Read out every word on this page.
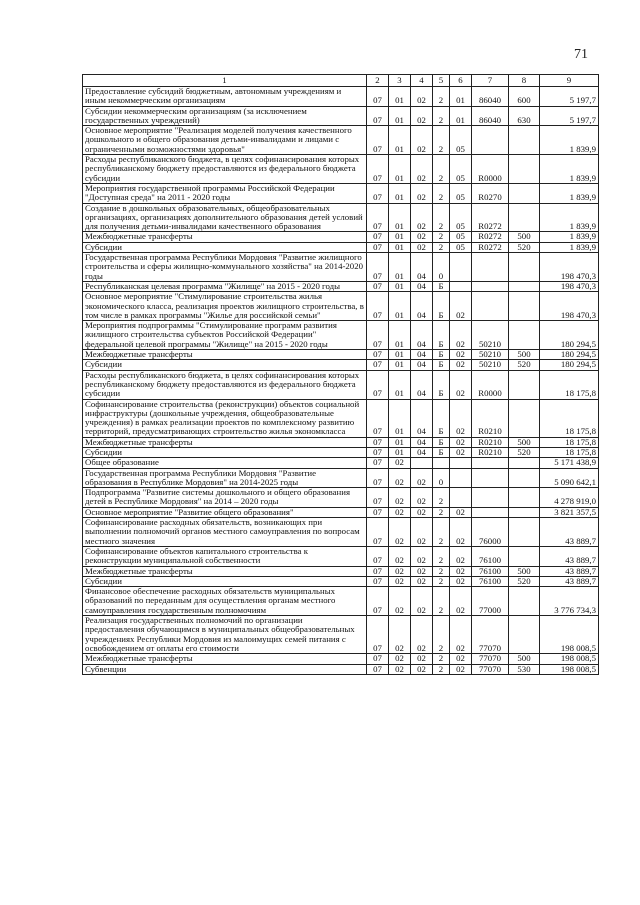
71
1	2	3	4	5	6	7	8	9
Предоставление субсидий бюджетным, автономным учреждениям и иным некоммерческим организациям	07	01	02	2	01	86040	600	5 197,7
Субсидии некоммерческим организациям (за исключением государственных учреждений)	07	01	02	2	01	86040	630	5 197,7
Основное мероприятие "Реализация моделей получения качественного дошкольного и общего образования детьми-инвалидами и лицами с ограниченными возможностями здоровья"	07	01	02	2	05			1 839,9
Расходы республиканского бюджета, в целях софинансирования которых республиканскому бюджету предоставляются из федерального бюджета субсидии	07	01	02	2	05	R0000		1 839,9
Мероприятия государственной программы Российской Федерации "Доступная среда" на 2011 - 2020 годы	07	01	02	2	05	R0270		1 839,9
Создание в дошкольных образовательных, общеобразовательных организациях, организациях дополнительного образования детей условий для получения детьми-инвалидами качественного образования	07	01	02	2	05	R0272		1 839,9
Межбюджетные трансферты	07	01	02	2	05	R0272	500	1 839,9
Субсидии	07	01	02	2	05	R0272	520	1 839,9
Государственная программа Республики Мордовия "Развитие жилищного строительства и сферы жилищно-коммунального хозяйства" на 2014-2020 годы	07	01	04	0				198 470,3
Республиканская целевая программа "Жилище" на 2015 - 2020 годы	07	01	04	Б				198 470,3
Основное мероприятие "Стимулирование строительства жилья экономического класса, реализация проектов жилищного строительства, в том числе в рамках программы "Жилье для российской семьи"	07	01	04	Б	02			198 470,3
Мероприятия подпрограммы "Стимулирование программ развития жилищного строительства субъектов Российской Федерации" федеральной целевой программы "Жилище" на 2015 - 2020 годы	07	01	04	Б	02	50210		180 294,5
Межбюджетные трансферты	07	01	04	Б	02	50210	500	180 294,5
Субсидии	07	01	04	Б	02	50210	520	180 294,5
Расходы республиканского бюджета, в целях софинансирования которых республиканскому бюджету предоставляются из федерального бюджета субсидии	07	01	04	Б	02	R0000		18 175,8
Софинансирование строительства (реконструкции) объектов социальной инфраструктуры (дошкольные учреждения, общеобразовательные учреждения) в рамках реализации проектов по комплексному развитию территорий, предусматривающих строительство жилья экономкласса	07	01	04	Б	02	R0210		18 175,8
Межбюджетные трансферты	07	01	04	Б	02	R0210	500	18 175,8
Субсидии	07	01	04	Б	02	R0210	520	18 175,8
Общее образование	07	02						5 171 438,9
Государственная программа Республики Мордовия "Развитие образования в Республике Мордовия" на 2014-2025 годы	07	02	02	0				5 090 642,1
Подпрограмма "Развитие системы дошкольного и общего образования детей в Республике Мордовия" на 2014 – 2020 годы	07	02	02	2				4 278 919,0
Основное мероприятие "Развитие общего образования"	07	02	02	2	02			3 821 357,5
Софинансирование расходных обязательств, возникающих при выполнении полномочий органов местного самоуправления по вопросам местного значения	07	02	02	2	02	76000		43 889,7
Софинансирование объектов капитального строительства к реконструкции муниципальной собственности	07	02	02	2	02	76100		43 889,7
Межбюджетные трансферты	07	02	02	2	02	76100	500	43 889,7
Субсидии	07	02	02	2	02	76100	520	43 889,7
Финансовое обеспечение расходных обязательств муниципальных образований по переданным для осуществления органам местного самоуправления государственным полномочиям	07	02	02	2	02	77000		3 776 734,3
Реализация государственных полномочий по организации предоставления обучающимся в муниципальных общеобразовательных учреждениях Республики Мордовия из малоимущих семей питания с освобождением от оплаты его стоимости	07	02	02	2	02	77070		198 008,5
Межбюджетные трансферты	07	02	02	2	02	77070	500	198 008,5
Субвенции	07	02	02	2	02	77070	530	198 008,5
